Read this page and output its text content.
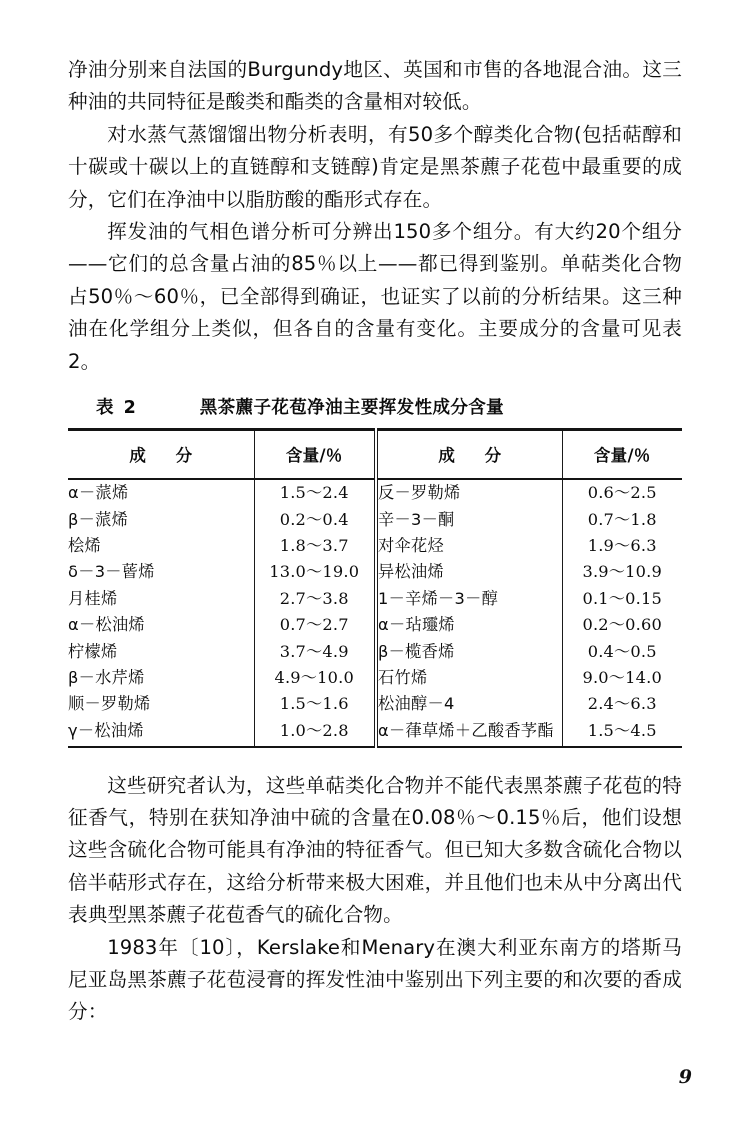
净油分别来自法国的Burgundy地区、英国和市售的各地混合油。这三种油的共同特征是酸类和酯类的含量相对较低。

对水蒸气蒸馏馏出物分析表明，有50多个醇类化合物(包括萜醇和十碳或十碳以上的直链醇和支链醇)肯定是黑茶藨子花苞中最重要的成分，它们在净油中以脂肪酸的酯形式存在。

挥发油的气相色谱分析可分辨出150多个组分。有大约20个组分——它们的总含量占油的85％以上——都已得到鉴别。单萜类化合物占50％～60％，已全部得到确证，也证实了以前的分析结果。这三种油在化学组分上类似，但各自的含量有变化。主要成分的含量可见表2。

表 2	黑茶藨子花苞净油主要挥发性成分含量
成 分	含量/％	成 分	含量/％
α－蒎烯	1.5～2.4	反－罗勒烯	0.6～2.5
β－蒎烯	0.2～0.4	辛－3－酮	0.7～1.8
桧烯	1.8～3.7	对伞花烃	1.9～6.3
δ－3－蒈烯	13.0～19.0	异松油烯	3.9～10.9
月桂烯	2.7～3.8	1－辛烯－3－醇	0.1～0.15
α－松油烯	0.7～2.7	α－玷𤫩烯	0.2～0.60
柠檬烯	3.7～4.9	β－榄香烯	0.4～0.5
β－水芹烯	4.9～10.0	石竹烯	9.0～14.0
顺－罗勒烯	1.5～1.6	松油醇－4	2.4～6.3
γ－松油烯	1.0～2.8	α－葎草烯＋乙酸香芧酯	1.5～4.5

这些研究者认为，这些单萜类化合物并不能代表黑茶藨子花苞的特征香气，特别在获知净油中硫的含量在0.08％～0.15％后，他们设想这些含硫化合物可能具有净油的特征香气。但已知大多数含硫化合物以倍半萜形式存在，这给分析带来极大困难，并且他们也未从中分离出代表典型黑茶藨子花苞香气的硫化合物。

1983年〔10〕，Kerslake和Menary在澳大利亚东南方的塔斯马尼亚岛黑茶藨子花苞浸膏的挥发性油中鉴别出下列主要的和次要的香成分：

9
